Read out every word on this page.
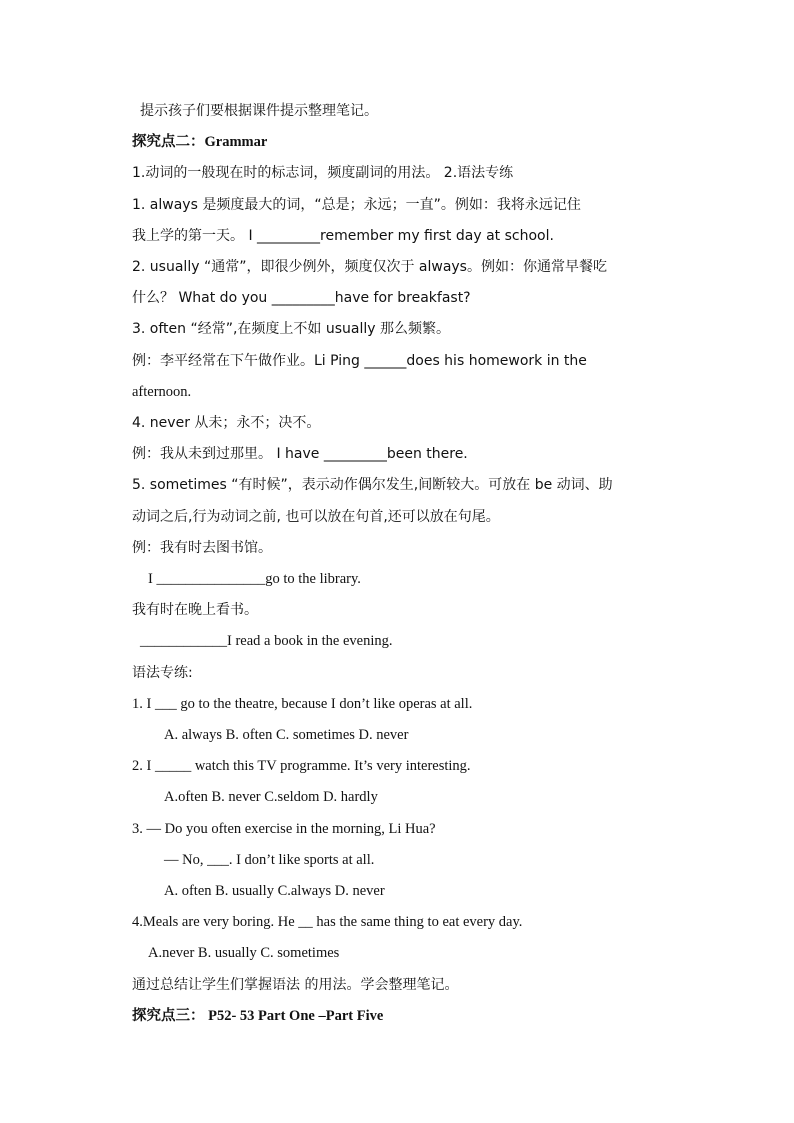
提示孩子们要根据课件提示整理笔记。
探究点二：Grammar
1.动词的一般现在时的标志词，频度副词的用法。 2.语法专练
1. always 是频度最大的词，“总是；永远；一直”。例如：我将永远记住
我上学的第一天。 I _________remember my first day at school.
2. usually “通常”，即很少例外，频度仅次于 always。例如：你通常早餐吃
什么？ What do you _________have for breakfast?
3. often “经常”,在频度上不如 usually 那么频繁。
例：李平经常在下午做作业。Li Ping ______does his homework in the
afternoon.
4. never 从未；永不；决不。
例：我从未到过那里。 I have _________been there.
5. sometimes “有时候”，表示动作偶尔发生,间断较大。可放在 be 动词、助
动词之后,行为动词之前, 也可以放在句首,还可以放在句尾。
例：我有时去图书馆。
I _______________go to the library.
我有时在晚上看书。
____________I read a book in the evening.
语法专练:
1. I ___ go to the theatre, because I don’t like operas at all.
A. always B. often C. sometimes D. never
2. I _____ watch this TV programme. It’s very interesting.
A.often B. never C.seldom D. hardly
3. — Do you often exercise in the morning, Li Hua?
— No, ___. I don’t like sports at all.
A. often B. usually C.always D. never
4.Meals are very boring. He __ has the same thing to eat every day.
A.never B. usually C. sometimes
通过总结让学生们掌握语法 的用法。学会整理笔记。
探究点三： P52- 53 Part One –Part Five
